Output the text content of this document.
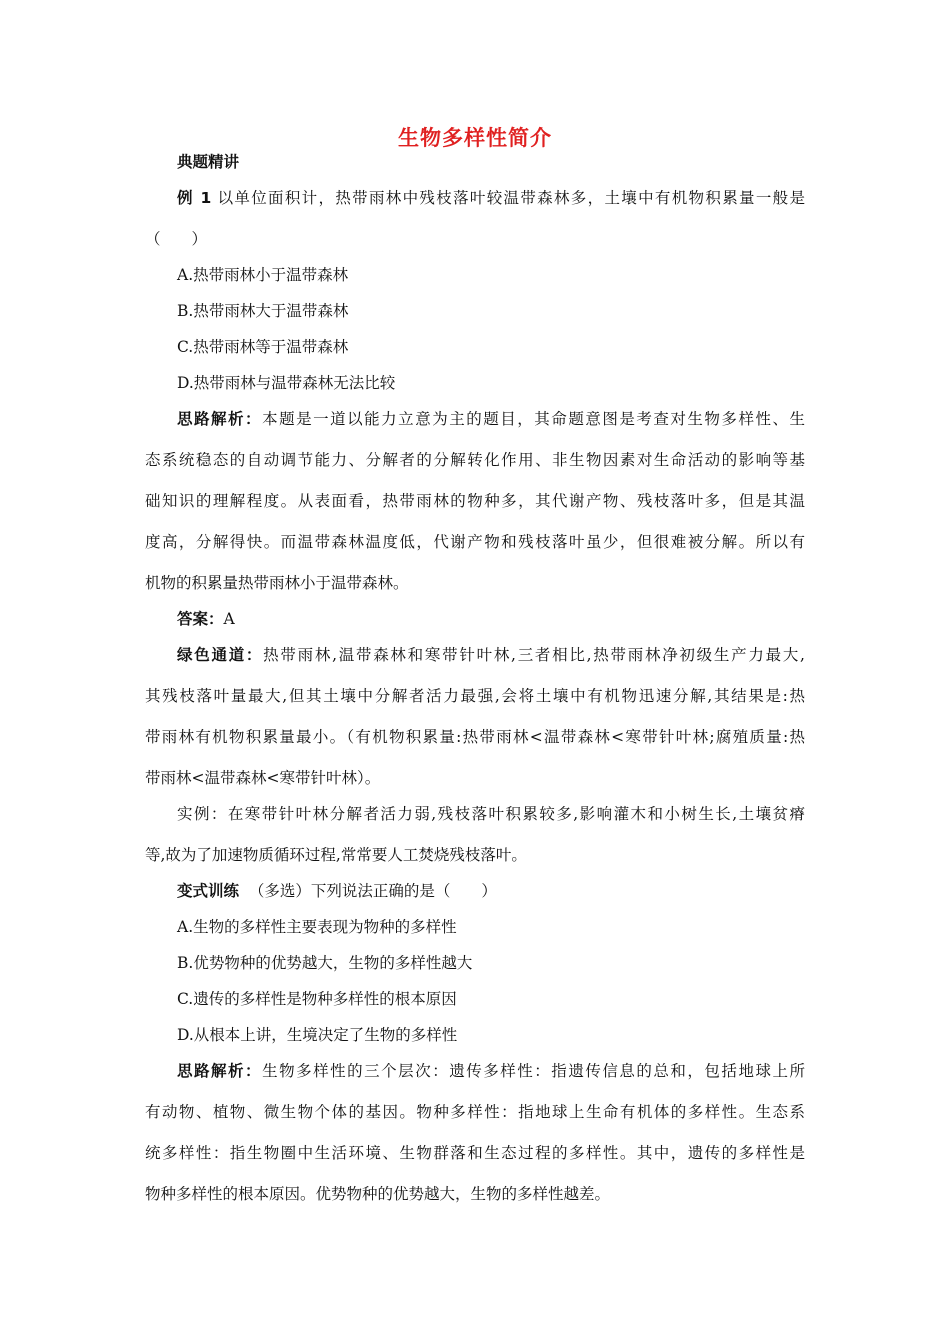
生物多样性简介
典题精讲
例 1 以单位面积计，热带雨林中残枝落叶较温带森林多，土壤中有机物积累量一般是
（　　）
A.热带雨林小于温带森林
B.热带雨林大于温带森林
C.热带雨林等于温带森林
D.热带雨林与温带森林无法比较
思路解析：本题是一道以能力立意为主的题目，其命题意图是考查对生物多样性、生
态系统稳态的自动调节能力、分解者的分解转化作用、非生物因素对生命活动的影响等基
础知识的理解程度。从表面看，热带雨林的物种多，其代谢产物、残枝落叶多，但是其温
度高，分解得快。而温带森林温度低，代谢产物和残枝落叶虽少，但很难被分解。所以有
机物的积累量热带雨林小于温带森林。
答案：A
绿色通道：热带雨林,温带森林和寒带针叶林,三者相比,热带雨林净初级生产力最大,
其残枝落叶量最大,但其土壤中分解者活力最强,会将土壤中有机物迅速分解,其结果是:热
带雨林有机物积累量最小。（有机物积累量:热带雨林<温带森林<寒带针叶林;腐殖质量:热
带雨林<温带森林<寒带针叶林）。
实例：在寒带针叶林分解者活力弱,残枝落叶积累较多,影响灌木和小树生长,土壤贫瘠
等,故为了加速物质循环过程,常常要人工焚烧残枝落叶。
变式训练 （多选）下列说法正确的是（　　）
A.生物的多样性主要表现为物种的多样性
B.优势物种的优势越大，生物的多样性越大
C.遗传的多样性是物种多样性的根本原因
D.从根本上讲，生境决定了生物的多样性
思路解析：生物多样性的三个层次：遗传多样性：指遗传信息的总和，包括地球上所
有动物、植物、微生物个体的基因。物种多样性：指地球上生命有机体的多样性。生态系
统多样性：指生物圈中生活环境、生物群落和生态过程的多样性。其中，遗传的多样性是
物种多样性的根本原因。优势物种的优势越大，生物的多样性越差。
